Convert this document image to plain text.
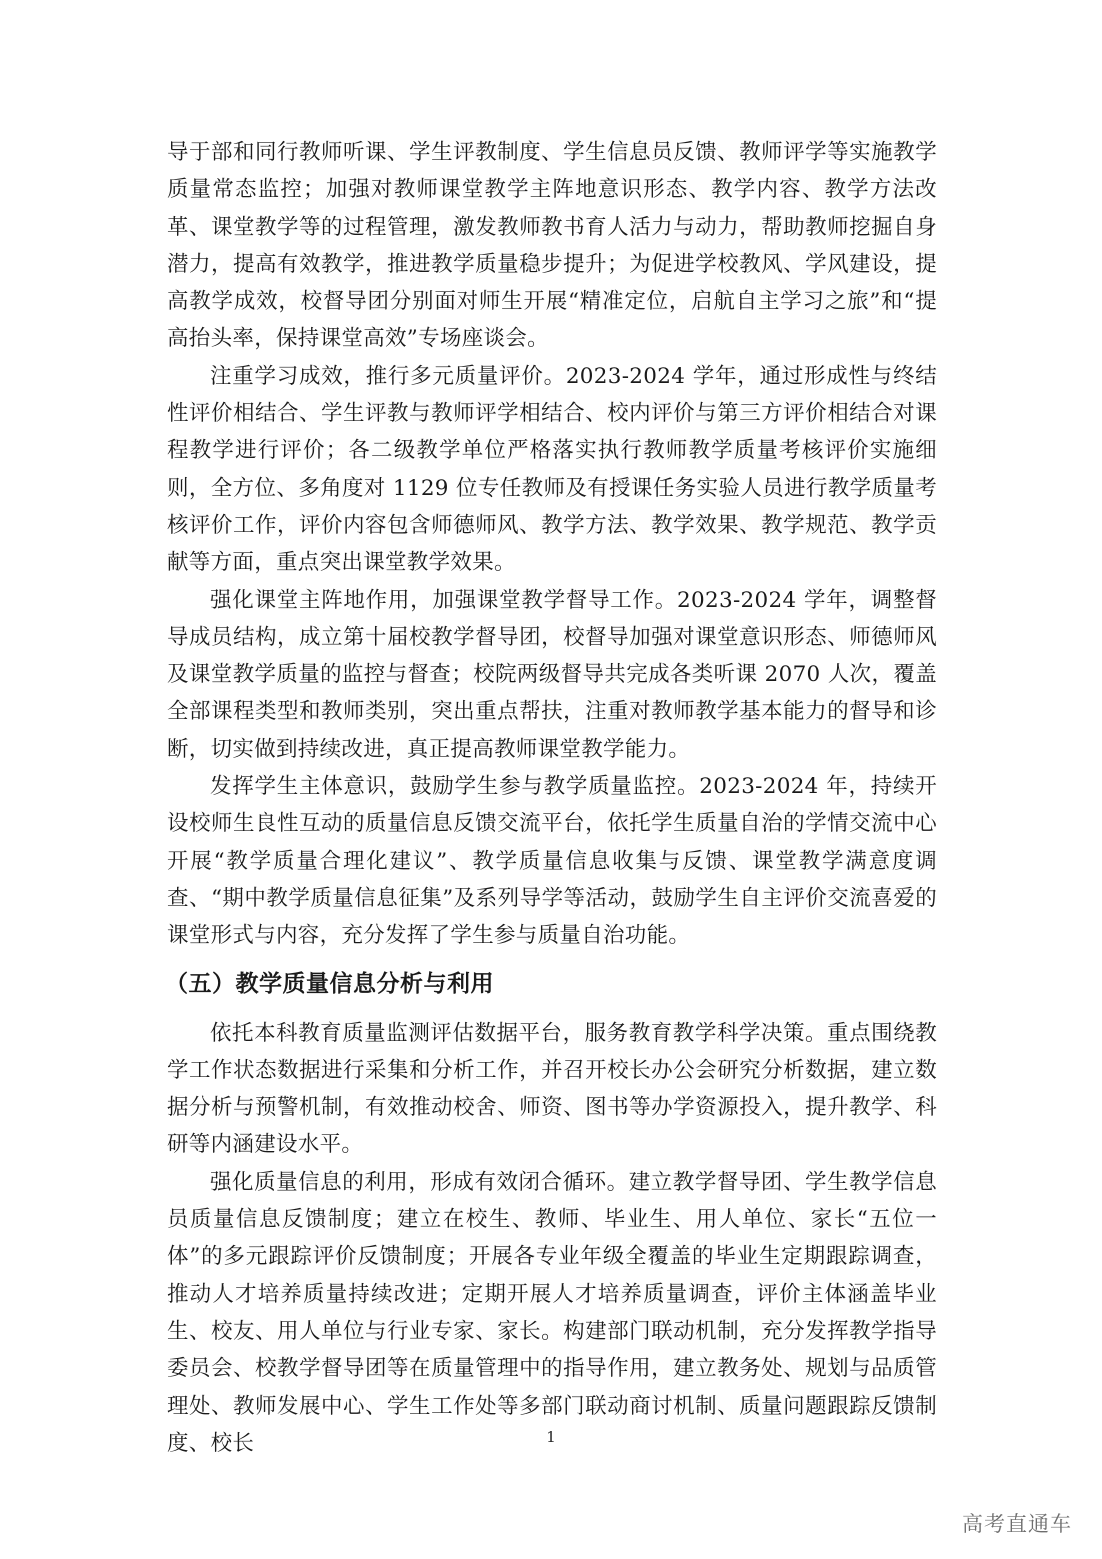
导于部和同行教师听课、学生评教制度、学生信息员反馈、教师评学等实施教学质量常态监控；加强对教师课堂教学主阵地意识形态、教学内容、教学方法改革、课堂教学等的过程管理，激发教师教书育人活力与动力，帮助教师挖掘自身潜力，提高有效教学，推进教学质量稳步提升；为促进学校教风、学风建设，提高教学成效，校督导团分别面对师生开展“精准定位，启航自主学习之旅”和“提高抬头率，保持课堂高效”专场座谈会。

注重学习成效，推行多元质量评价。2023-2024 学年，通过形成性与终结性评价相结合、学生评教与教师评学相结合、校内评价与第三方评价相结合对课程教学进行评价；各二级教学单位严格落实执行教师教学质量考核评价实施细则，全方位、多角度对 1129 位专任教师及有授课任务实验人员进行教学质量考核评价工作，评价内容包含师德师风、教学方法、教学效果、教学规范、教学贡献等方面，重点突出课堂教学效果。

强化课堂主阵地作用，加强课堂教学督导工作。2023-2024 学年，调整督导成员结构，成立第十届校教学督导团，校督导加强对课堂意识形态、师德师风及课堂教学质量的监控与督查；校院两级督导共完成各类听课 2070 人次，覆盖全部课程类型和教师类别，突出重点帮扶，注重对教师教学基本能力的督导和诊断，切实做到持续改进，真正提高教师课堂教学能力。

发挥学生主体意识，鼓励学生参与教学质量监控。2023-2024 年，持续开设校师生良性互动的质量信息反馈交流平台，依托学生质量自治的学情交流中心开展“教学质量合理化建议”、教学质量信息收集与反馈、课堂教学满意度调查、“期中教学质量信息征集”及系列导学等活动，鼓励学生自主评价交流喜爱的课堂形式与内容，充分发挥了学生参与质量自治功能。

（五）教学质量信息分析与利用

依托本科教育质量监测评估数据平台，服务教育教学科学决策。重点围绕教学工作状态数据进行采集和分析工作，并召开校长办公会研究分析数据，建立数据分析与预警机制，有效推动校舍、师资、图书等办学资源投入，提升教学、科研等内涵建设水平。

强化质量信息的利用，形成有效闭合循环。建立教学督导团、学生教学信息员质量信息反馈制度；建立在校生、教师、毕业生、用人单位、家长“五位一体”的多元跟踪评价反馈制度；开展各专业年级全覆盖的毕业生定期跟踪调查，推动人才培养质量持续改进；定期开展人才培养质量调查，评价主体涵盖毕业生、校友、用人单位与行业专家、家长。构建部门联动机制，充分发挥教学指导委员会、校教学督导团等在质量管理中的指导作用，建立教务处、规划与品质管理处、教师发展中心、学生工作处等多部门联动商讨机制、质量问题跟踪反馈制度、校长	1
高考直通车
